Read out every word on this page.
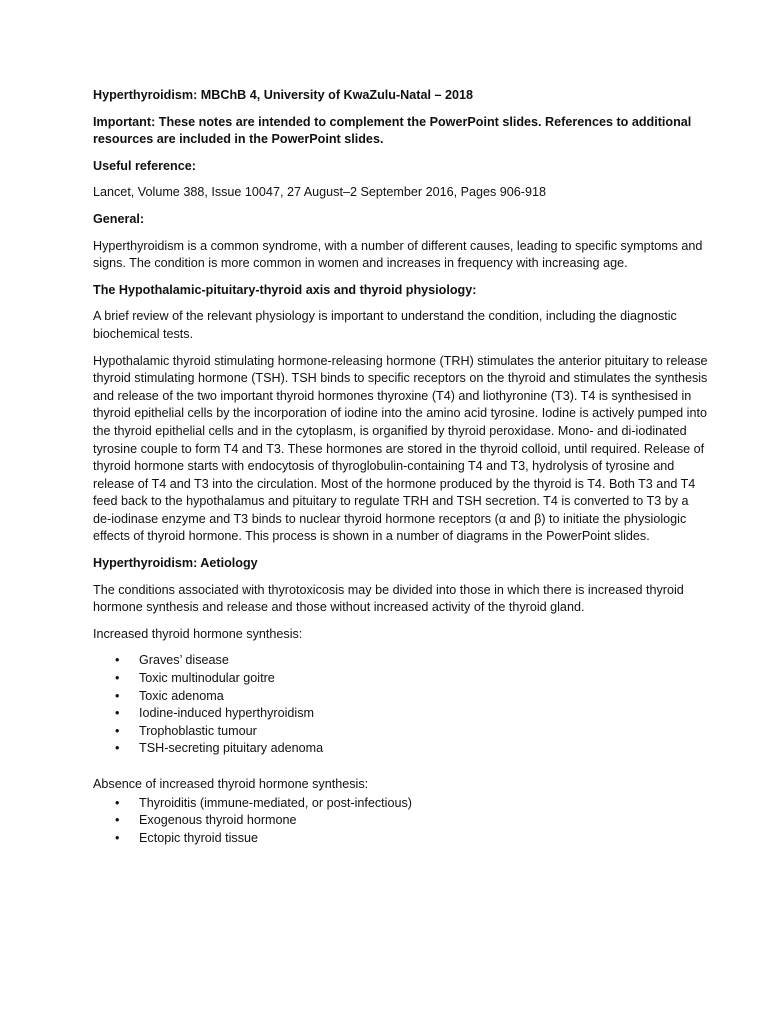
Hyperthyroidism: MBChB 4, University of KwaZulu-Natal – 2018

Important: These notes are intended to complement the PowerPoint slides. References to additional resources are included in the PowerPoint slides.

Useful reference:

Lancet, Volume 388, Issue 10047, 27 August–2 September 2016, Pages 906-918

General:

Hyperthyroidism is a common syndrome, with a number of different causes, leading to specific symptoms and signs. The condition is more common in women and increases in frequency with increasing age.

The Hypothalamic-pituitary-thyroid axis and thyroid physiology:

A brief review of the relevant physiology is important to understand the condition, including the diagnostic biochemical tests.

Hypothalamic thyroid stimulating hormone-releasing hormone (TRH) stimulates the anterior pituitary to release thyroid stimulating hormone (TSH). TSH binds to specific receptors on the thyroid and stimulates the synthesis and release of the two important thyroid hormones thyroxine (T4) and liothyronine (T3). T4 is synthesised in thyroid epithelial cells by the incorporation of iodine into the amino acid tyrosine. Iodine is actively pumped into the thyroid epithelial cells and in the cytoplasm, is organified by thyroid peroxidase. Mono- and di-iodinated tyrosine couple to form T4 and T3. These hormones are stored in the thyroid colloid, until required. Release of thyroid hormone starts with endocytosis of thyroglobulin-containing T4 and T3, hydrolysis of tyrosine and release of T4 and T3 into the circulation. Most of the hormone produced by the thyroid is T4. Both T3 and T4 feed back to the hypothalamus and pituitary to regulate TRH and TSH secretion. T4 is converted to T3 by a de-iodinase enzyme and T3 binds to nuclear thyroid hormone receptors (α and β) to initiate the physiologic effects of thyroid hormone. This process is shown in a number of diagrams in the PowerPoint slides.

Hyperthyroidism: Aetiology

The conditions associated with thyrotoxicosis may be divided into those in which there is increased thyroid hormone synthesis and release and those without increased activity of the thyroid gland.

Increased thyroid hormone synthesis:

• Graves’ disease
• Toxic multinodular goitre
• Toxic adenoma
• Iodine-induced hyperthyroidism
• Trophoblastic tumour
• TSH-secreting pituitary adenoma

Absence of increased thyroid hormone synthesis:

• Thyroiditis (immune-mediated, or post-infectious)
• Exogenous thyroid hormone
• Ectopic thyroid tissue
